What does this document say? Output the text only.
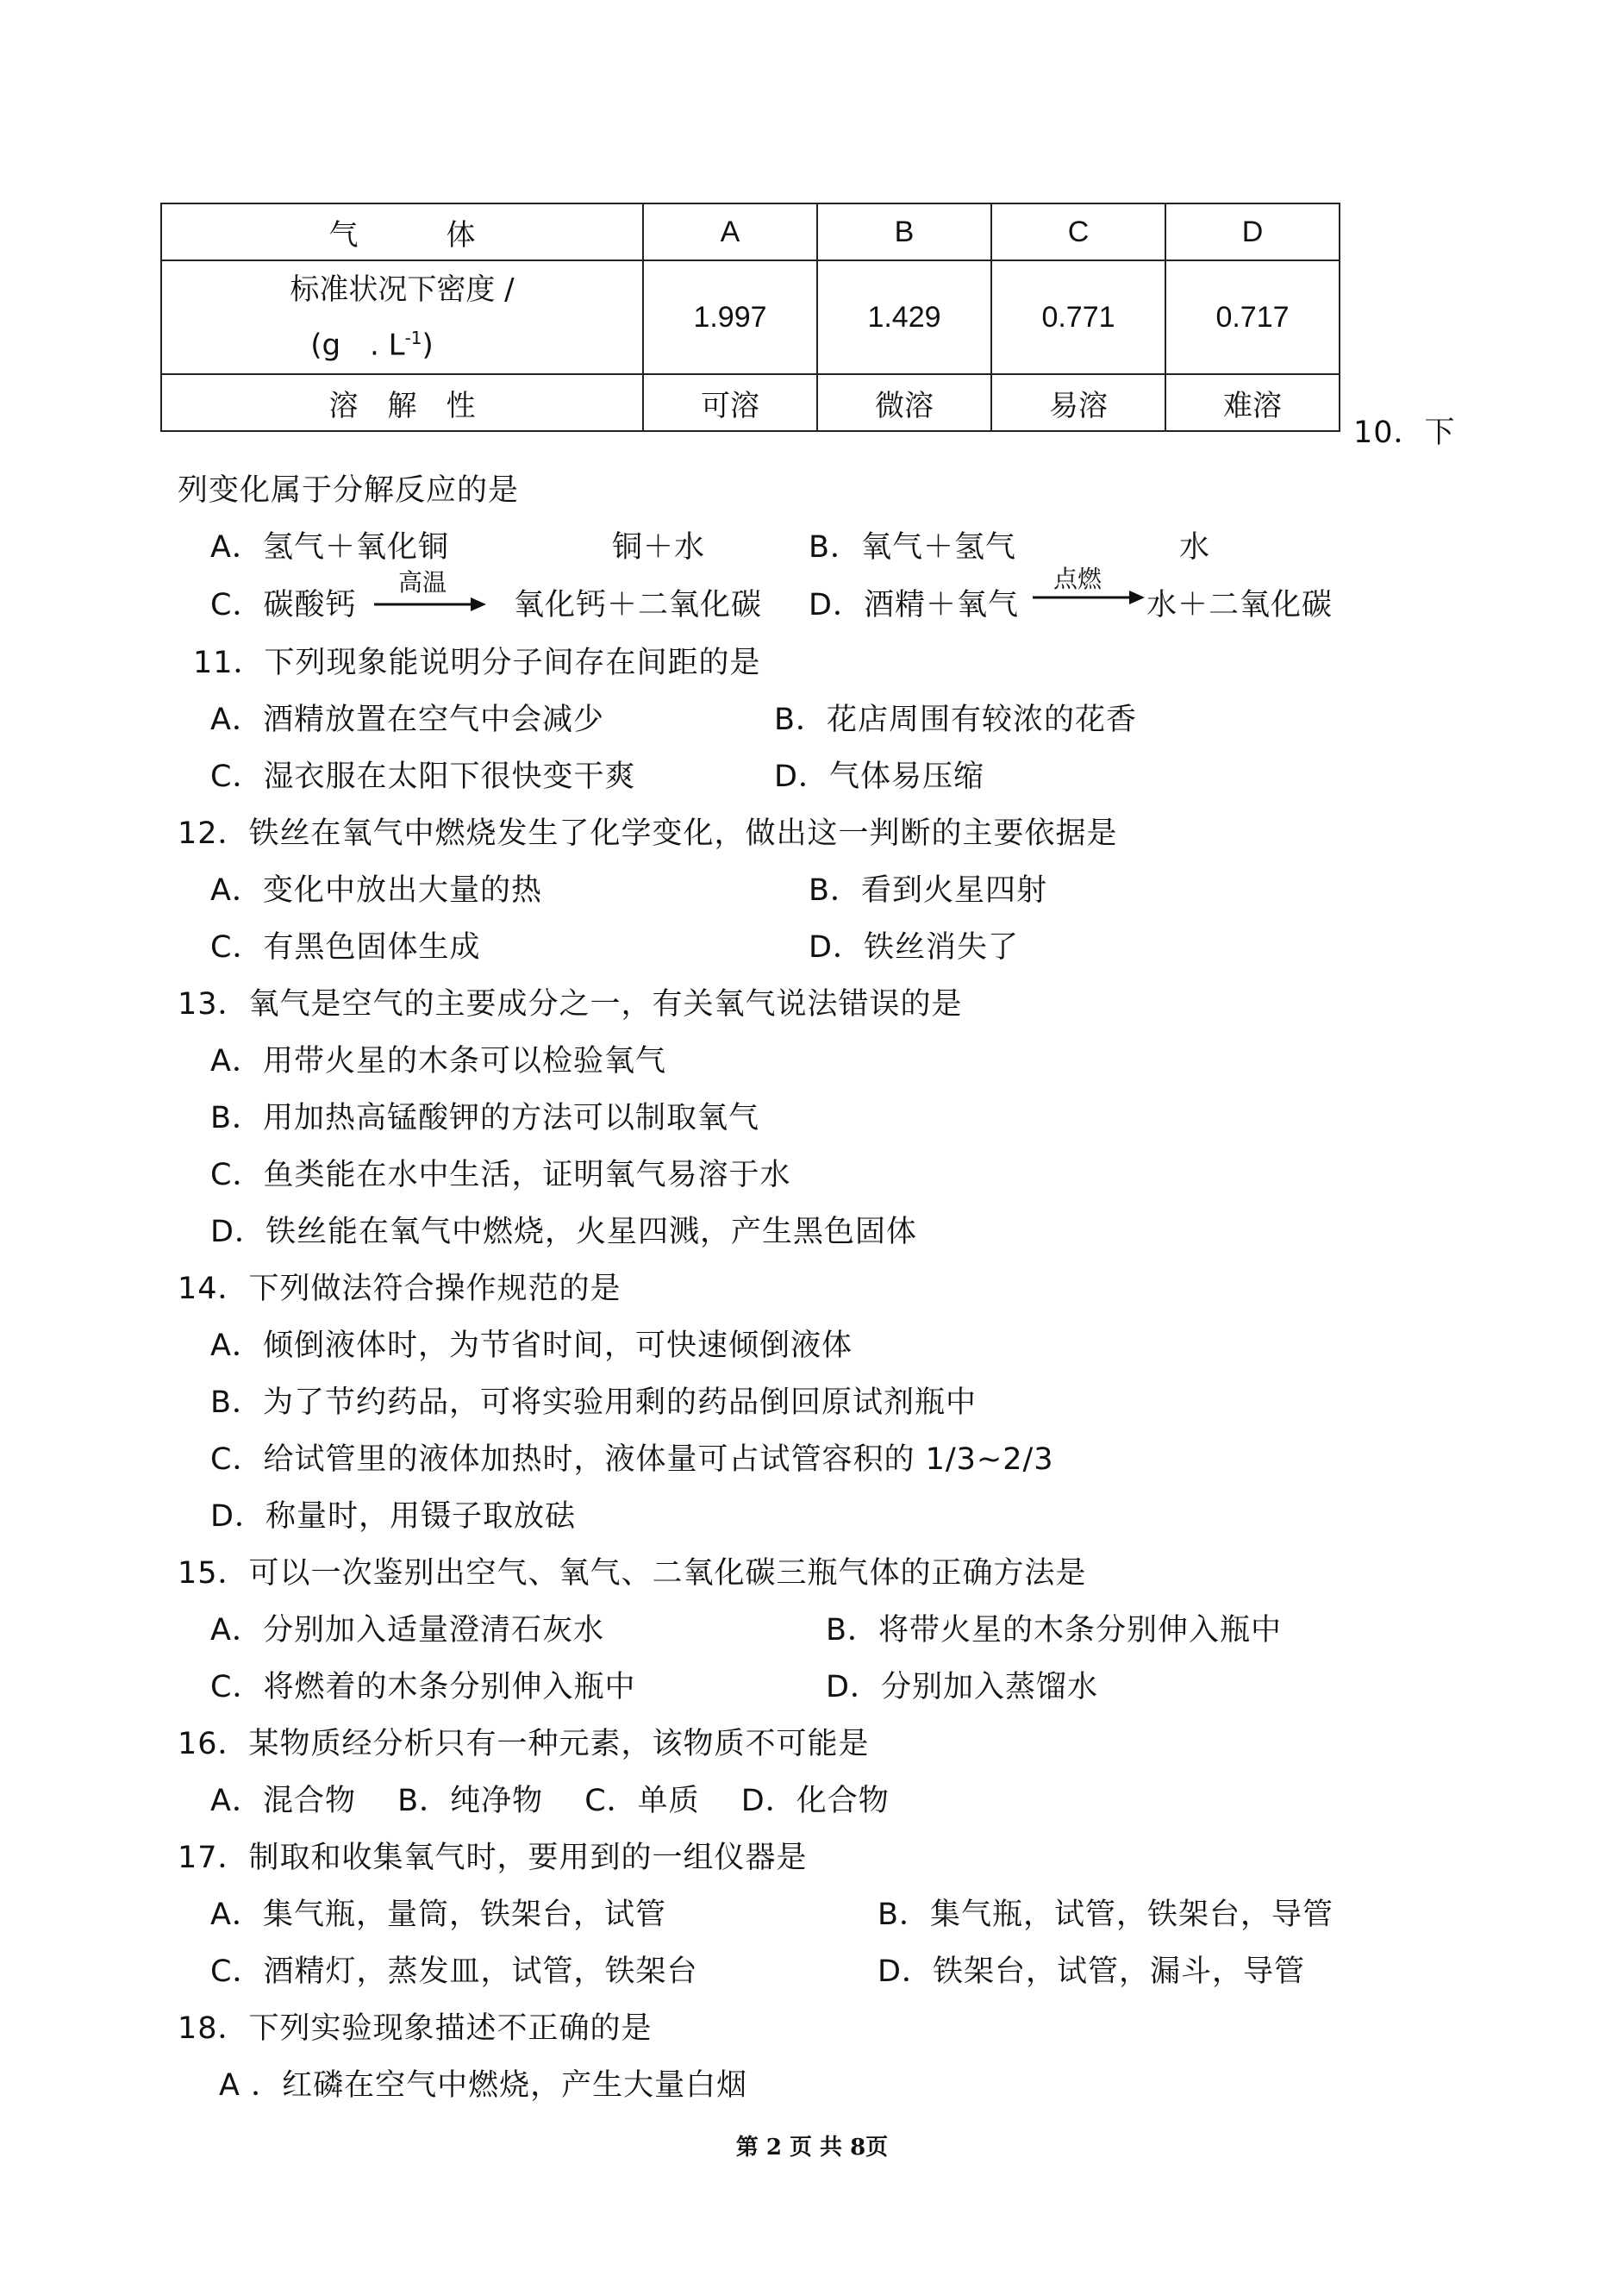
气　　　体	A	B	C	D

标准状况下密度 /
(g　. $L^{-1}$)	1.997	1.429	0.771	0.717
溶　解　性	可溶	微溶	易溶	难溶
10．下
列变化属于分解反应的是
A．氢气＋氧化铜	铜＋水	B．氧气＋氢气	水
C．碳酸钙
高温
氧化钙＋二氧化碳 D．酒精＋氧气
点燃
水＋二氧化碳
11．下列现象能说明分子间存在间距的是
A．酒精放置在空气中会减少	B．花店周围有较浓的花香
C．湿衣服在太阳下很快变干爽	D．气体易压缩
12．铁丝在氧气中燃烧发生了化学变化，做出这一判断的主要依据是
A．变化中放出大量的热	B．看到火星四射
C．有黑色固体生成	D．铁丝消失了
13．氧气是空气的主要成分之一，有关氧气说法错误的是
A．用带火星的木条可以检验氧气
B．用加热高锰酸钾的方法可以制取氧气
C．鱼类能在水中生活，证明氧气易溶于水
D．铁丝能在氧气中燃烧，火星四溅，产生黑色固体
14．下列做法符合操作规范的是
A．倾倒液体时，为节省时间，可快速倾倒液体
B．为了节约药品，可将实验用剩的药品倒回原试剂瓶中
C．给试管里的液体加热时，液体量可占试管容积的 1/3~2/3
D．称量时，用镊子取放砝
15．可以一次鉴别出空气、氧气、二氧化碳三瓶气体的正确方法是
A．分别加入适量澄清石灰水	B．将带火星的木条分别伸入瓶中
C．将燃着的木条分别伸入瓶中	D．分别加入蒸馏水
16．某物质经分析只有一种元素，该物质不可能是
A．混合物　 B．纯净物　 C．单质　 D．化合物
17．制取和收集氧气时，要用到的一组仪器是
A．集气瓶，量筒，铁架台，试管	B．集气瓶，试管，铁架台，导管
C．酒精灯，蒸发皿，试管，铁架台	D．铁架台，试管，漏斗，导管
18．下列实验现象描述不正确的是
A ．红磷在空气中燃烧，产生大量白烟
第 2 页 共 8页
